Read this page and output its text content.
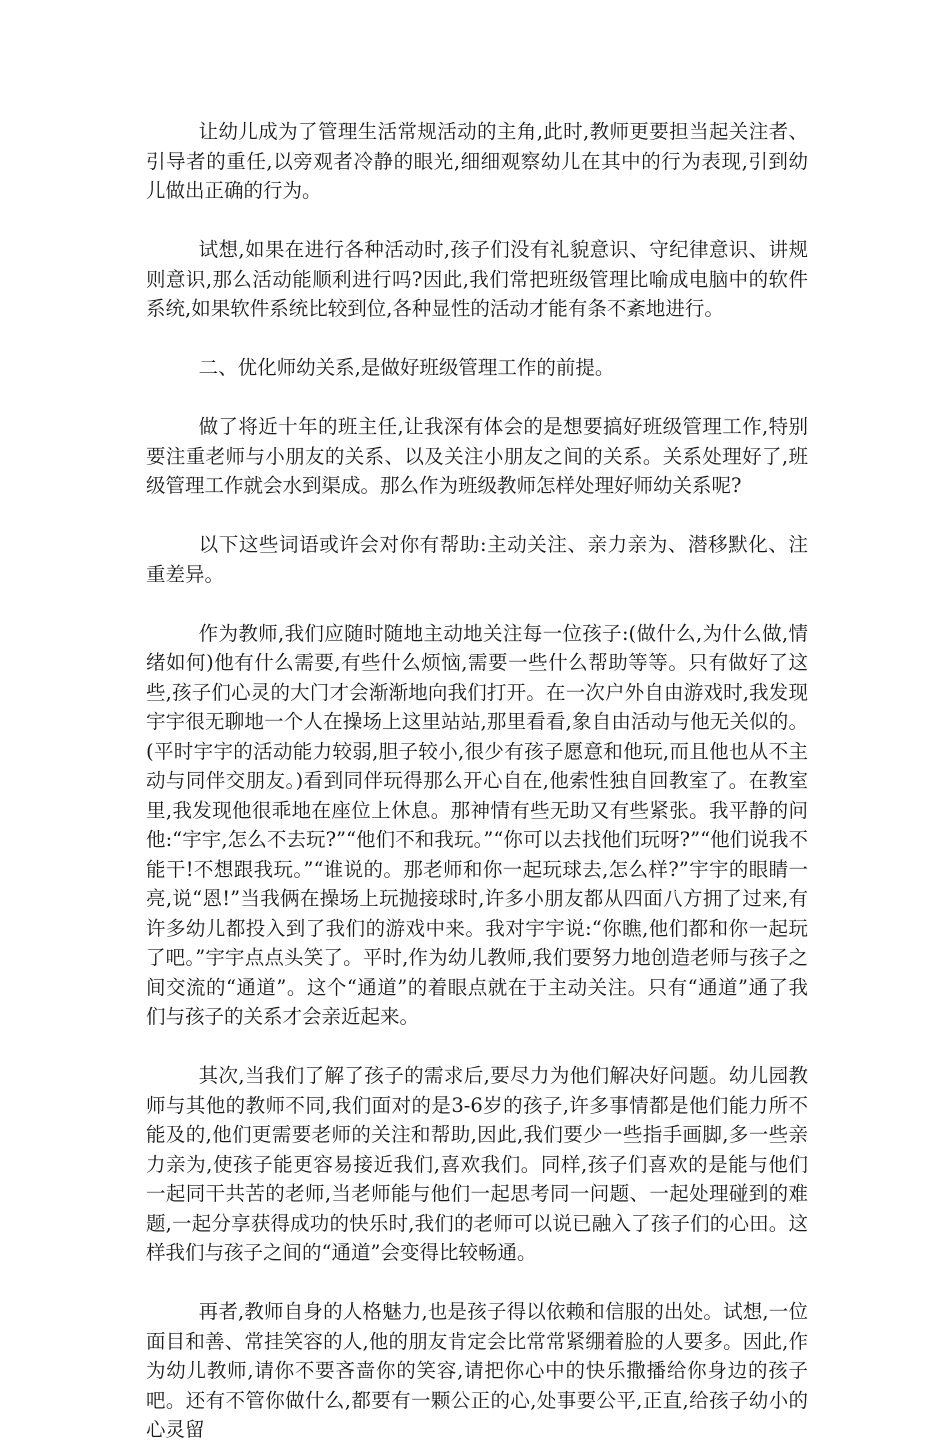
让幼儿成为了管理生活常规活动的主角,此时,教师更要担当起关注者、引导者的重任,以旁观者冷静的眼光,细细观察幼儿在其中的行为表现,引到幼儿做出正确的行为。

试想,如果在进行各种活动时,孩子们没有礼貌意识、守纪律意识、讲规则意识,那么活动能顺利进行吗?因此,我们常把班级管理比喻成电脑中的软件系统,如果软件系统比较到位,各种显性的活动才能有条不紊地进行。

二、优化师幼关系,是做好班级管理工作的前提。

做了将近十年的班主任,让我深有体会的是想要搞好班级管理工作,特别要注重老师与小朋友的关系、以及关注小朋友之间的关系。关系处理好了,班级管理工作就会水到渠成。那么作为班级教师怎样处理好师幼关系呢?

以下这些词语或许会对你有帮助:主动关注、亲力亲为、潜移默化、注重差异。

作为教师,我们应随时随地主动地关注每一位孩子:(做什么,为什么做,情绪如何)他有什么需要,有些什么烦恼,需要一些什么帮助等等。只有做好了这些,孩子们心灵的大门才会渐渐地向我们打开。在一次户外自由游戏时,我发现宇宇很无聊地一个人在操场上这里站站,那里看看,象自由活动与他无关似的。(平时宇宇的活动能力较弱,胆子较小,很少有孩子愿意和他玩,而且他也从不主动与同伴交朋友。)看到同伴玩得那么开心自在,他索性独自回教室了。在教室里,我发现他很乖地在座位上休息。那神情有些无助又有些紧张。我平静的问他:“宇宇,怎么不去玩?”“他们不和我玩。”“你可以去找他们玩呀?”“他们说我不能干!不想跟我玩。”“谁说的。那老师和你一起玩球去,怎么样?”宇宇的眼睛一亮,说“恩!”当我俩在操场上玩抛接球时,许多小朋友都从四面八方拥了过来,有许多幼儿都投入到了我们的游戏中来。我对宇宇说:“你瞧,他们都和你一起玩了吧。”宇宇点点头笑了。平时,作为幼儿教师,我们要努力地创造老师与孩子之间交流的“通道”。这个“通道”的着眼点就在于主动关注。只有“通道”通了我们与孩子的关系才会亲近起来。

其次,当我们了解了孩子的需求后,要尽力为他们解决好问题。幼儿园教师与其他的教师不同,我们面对的是3-6岁的孩子,许多事情都是他们能力所不能及的,他们更需要老师的关注和帮助,因此,我们要少一些指手画脚,多一些亲力亲为,使孩子能更容易接近我们,喜欢我们。同样,孩子们喜欢的是能与他们一起同干共苦的老师,当老师能与他们一起思考同一问题、一起处理碰到的难题,一起分享获得成功的快乐时,我们的老师可以说已融入了孩子们的心田。这样我们与孩子之间的“通道”会变得比较畅通。

再者,教师自身的人格魅力,也是孩子得以依赖和信服的出处。试想,一位面目和善、常挂笑容的人,他的朋友肯定会比常常紧绷着脸的人要多。因此,作为幼儿教师,请你不要吝啬你的笑容,请把你心中的快乐撒播给你身边的孩子吧。还有不管你做什么,都要有一颗公正的心,处事要公平,正直,给孩子幼小的心灵留
